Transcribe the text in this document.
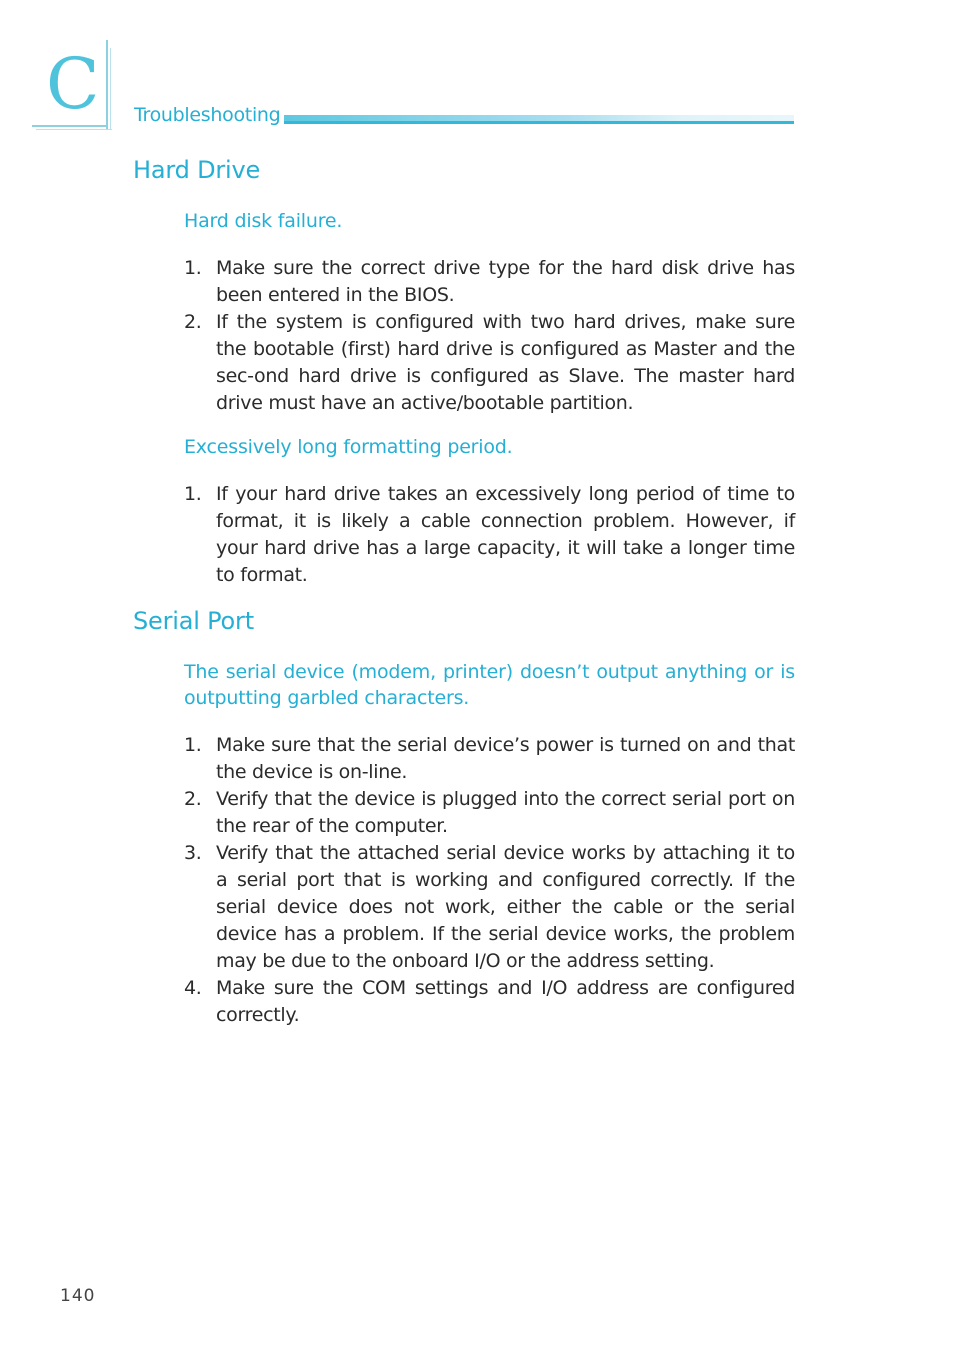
C Troubleshooting
Hard Drive
Hard disk failure.
1. Make sure the correct drive type for the hard disk drive has been entered in the BIOS.
2. If the system is configured with two hard drives, make sure the bootable (first) hard drive is configured as Master and the sec-ond hard drive is configured as Slave. The master hard drive must have an active/bootable partition.
Excessively long formatting period.
1. If your hard drive takes an excessively long period of time to format, it is likely a cable connection problem. However, if your hard drive has a large capacity, it will take a longer time to format.
Serial Port
The serial device (modem, printer) doesn’t output anything or is outputting garbled characters.
1. Make sure that the serial device’s power is turned on and that the device is on-line.
2. Verify that the device is plugged into the correct serial port on the rear of the computer.
3. Verify that the attached serial device works by attaching it to a serial port that is working and configured correctly. If the serial device does not work, either the cable or the serial device has a problem. If the serial device works, the problem may be due to the onboard I/O or the address setting.
4. Make sure the COM settings and I/O address are configured correctly.
140
